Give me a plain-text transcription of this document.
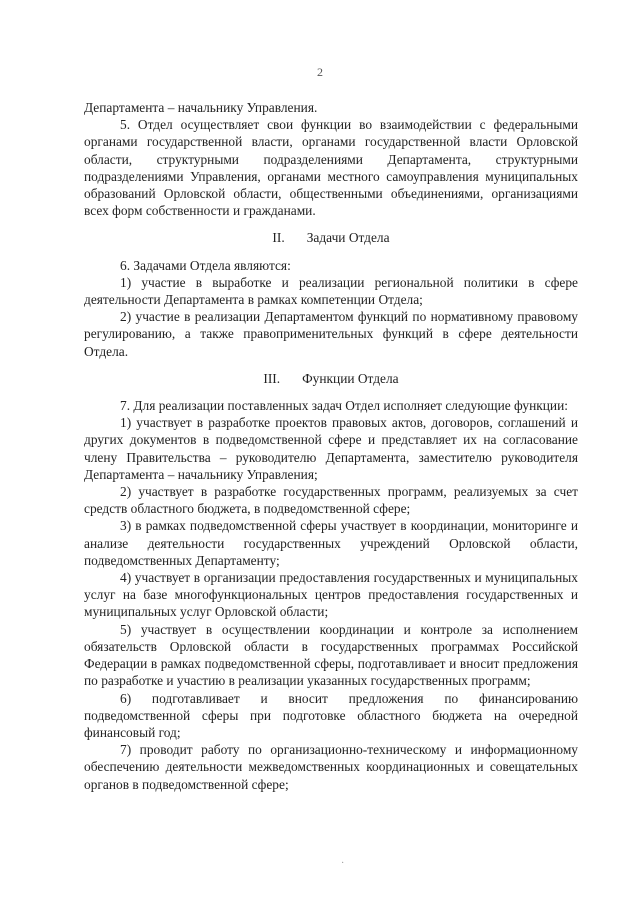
2

Департамента – начальнику Управления.

5. Отдел осуществляет свои функции во взаимодействии с федеральными органами государственной власти, органами государственной власти Орловской области, структурными подразделениями Департамента, структурными подразделениями Управления, органами местного самоуправления муниципальных образований Орловской области, общественными объединениями, организациями всех форм собственности и гражданами.

II. Задачи Отдела

6. Задачами Отдела являются:

1) участие в выработке и реализации региональной политики в сфере деятельности Департамента в рамках компетенции Отдела;

2) участие в реализации Департаментом функций по нормативному правовому регулированию, а также правоприменительных функций в сфере деятельности Отдела.

III. Функции Отдела

7. Для реализации поставленных задач Отдел исполняет следующие функции:

1) участвует в разработке проектов правовых актов, договоров, соглашений и других документов в подведомственной сфере и представляет их на согласование члену Правительства – руководителю Департамента, заместителю руководителя Департамента – начальнику Управления;

2) участвует в разработке государственных программ, реализуемых за счет средств областного бюджета, в подведомственной сфере;

3) в рамках подведомственной сферы участвует в координации, мониторинге и анализе деятельности государственных учреждений Орловской области, подведомственных Департаменту;

4) участвует в организации предоставления государственных и муниципальных услуг на базе многофункциональных центров предоставления государственных и муниципальных услуг Орловской области;

5) участвует в осуществлении координации и контроле за исполнением обязательств Орловской области в государственных программах Российской Федерации в рамках подведомственной сферы, подготавливает и вносит предложения по разработке и участию в реализации указанных государственных программ;

6) подготавливает и вносит предложения по финансированию подведомственной сферы при подготовке областного бюджета на очередной финансовый год;

7) проводит работу по организационно-техническому и информационному обеспечению деятельности межведомственных координационных и совещательных органов в подведомственной сфере;

·
